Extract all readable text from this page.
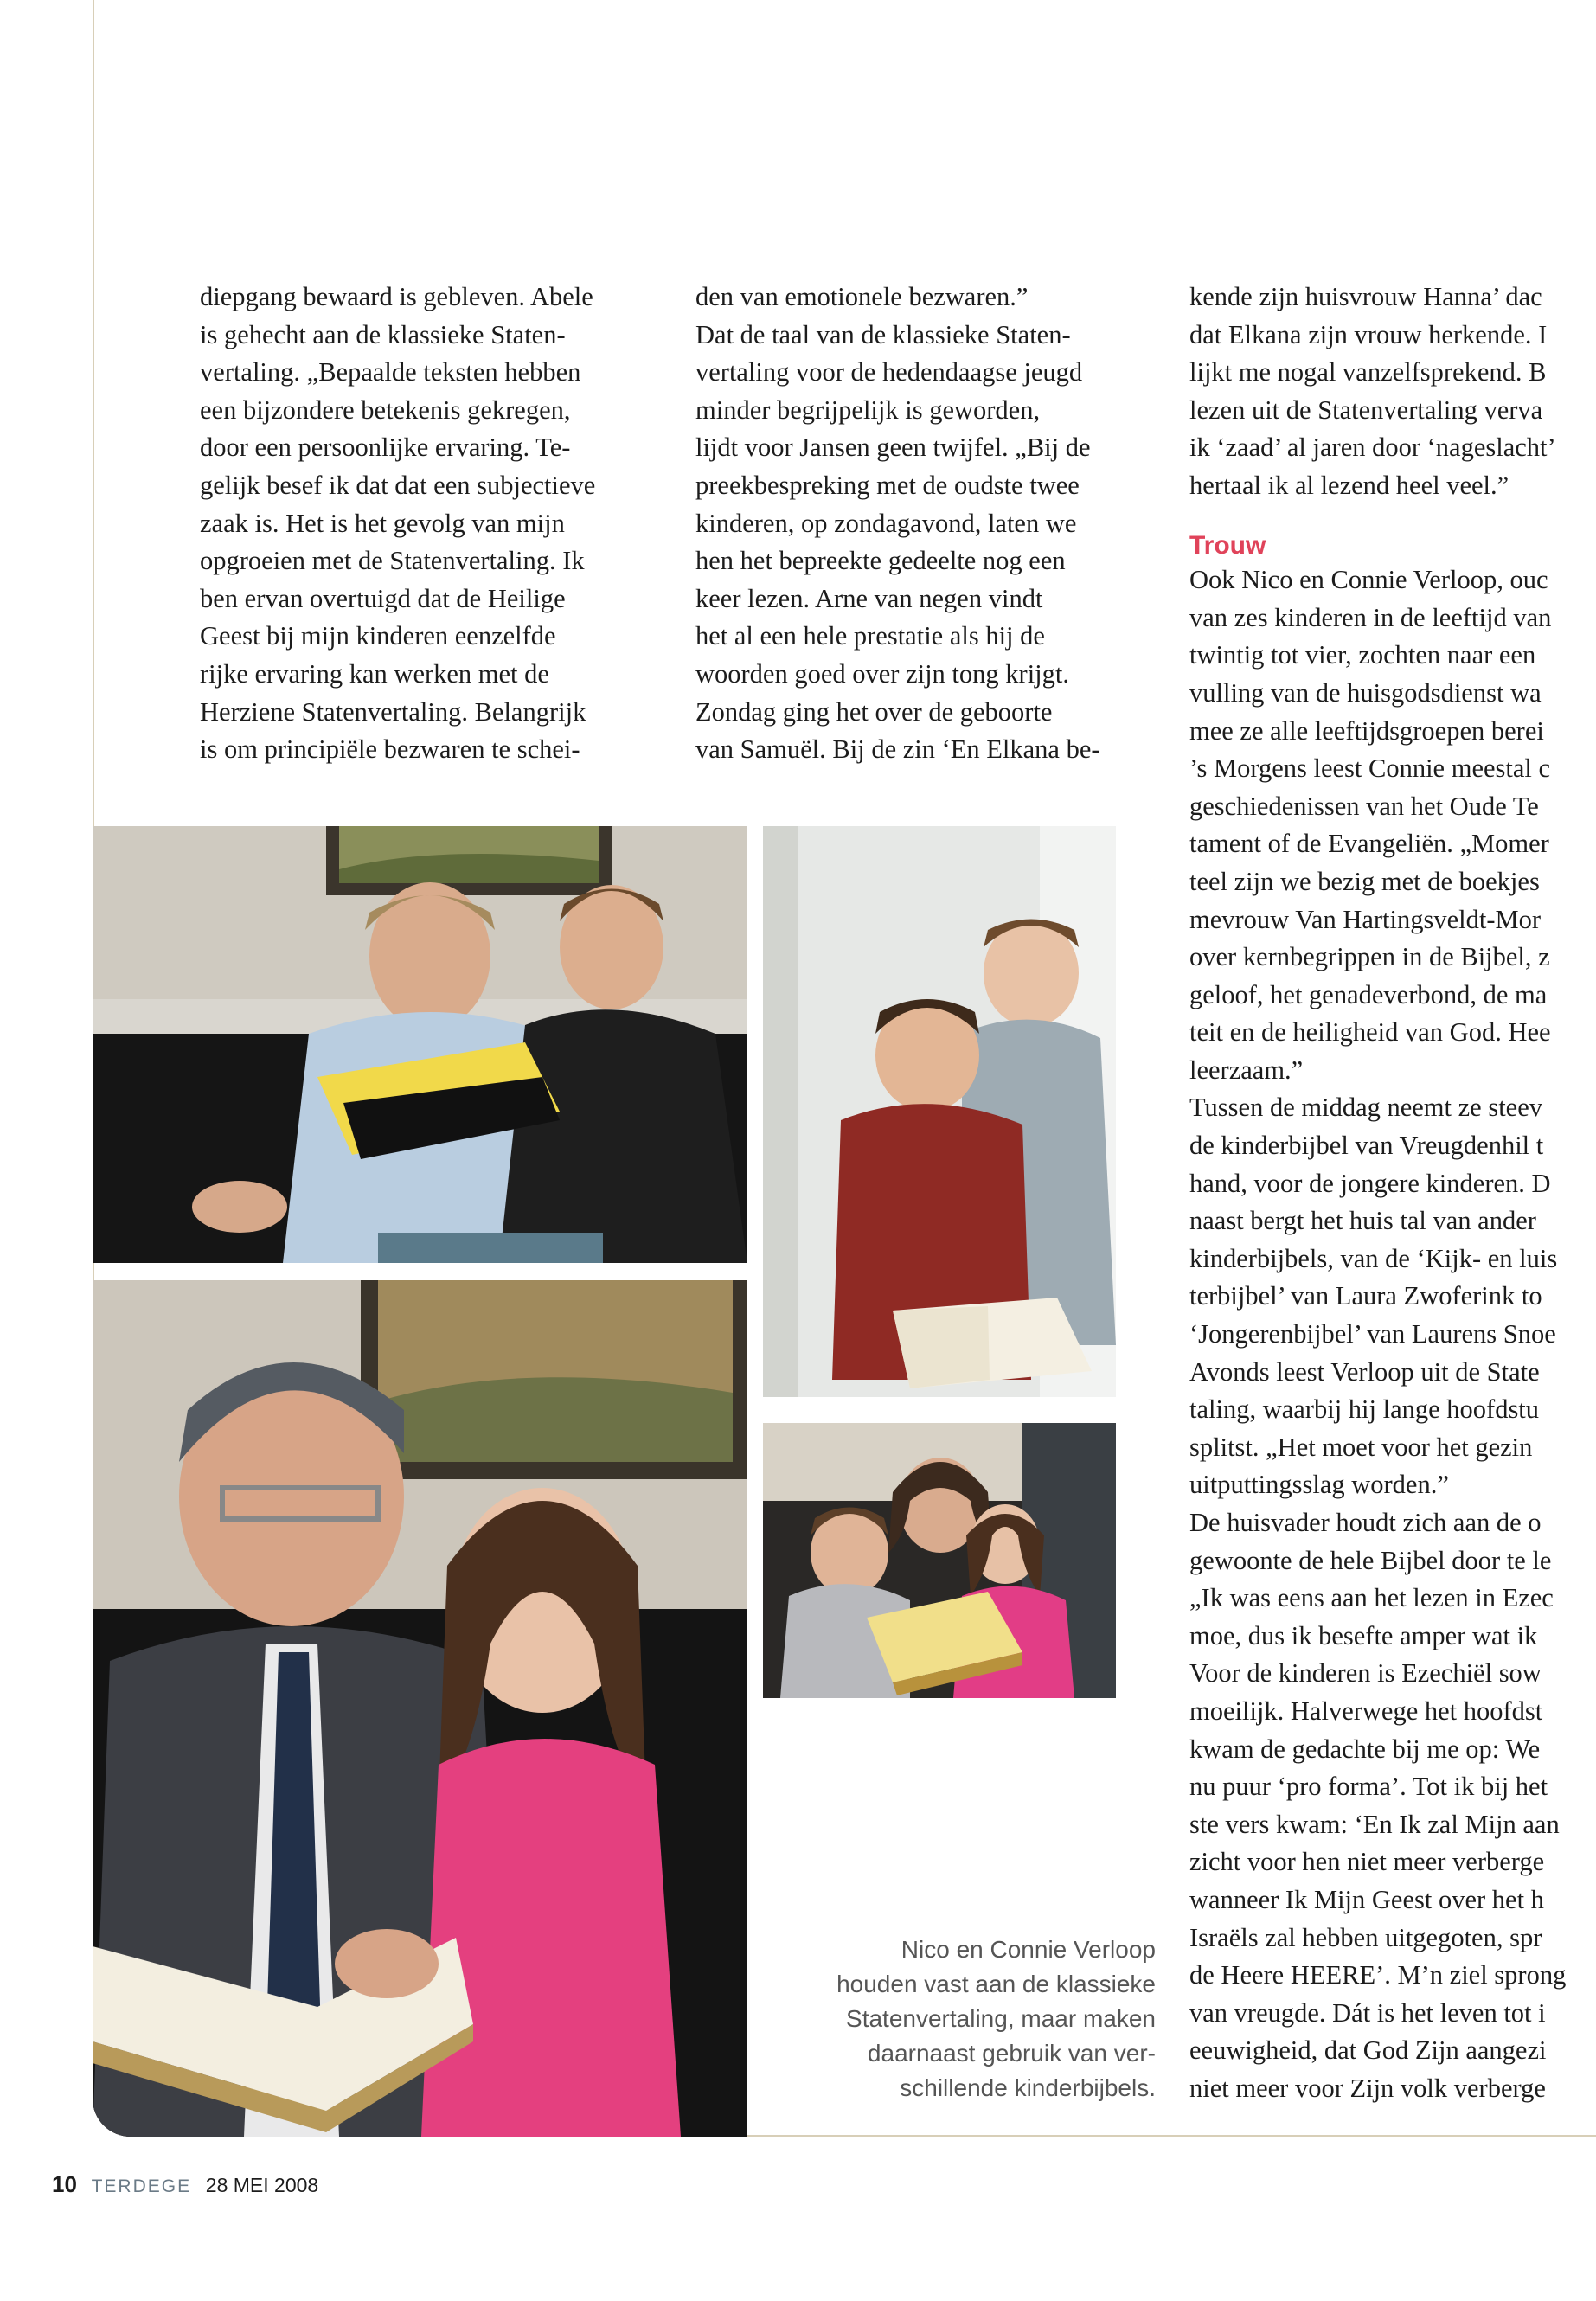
diepgang bewaard is gebleven. Abele
is gehecht aan de klassieke Staten-
vertaling. „Bepaalde teksten hebben
een bijzondere betekenis gekregen,
door een persoonlijke ervaring. Te-
gelijk besef ik dat dat een subjectieve
zaak is. Het is het gevolg van mijn
opgroeien met de Statenvertaling. Ik
ben ervan overtuigd dat de Heilige
Geest bij mijn kinderen eenzelfde
rijke ervaring kan werken met de
Herziene Statenvertaling. Belangrijk
is om principiële bezwaren te schei-
den van emotionele bezwaren.”
Dat de taal van de klassieke Staten-
vertaling voor de hedendaagse jeugd
minder begrijpelijk is geworden,
lijdt voor Jansen geen twijfel. „Bij de
preekbespreking met de oudste twee
kinderen, op zondagavond, laten we
hen het bepreekte gedeelte nog een
keer lezen. Arne van negen vindt
het al een hele prestatie als hij de
woorden goed over zijn tong krijgt.
Zondag ging het over de geboorte
van Samuël. Bij de zin ‘En Elkana be-
kende zijn huisvrouw Hanna’ dac
dat Elkana zijn vrouw herkende. I
lijkt me nogal vanzelfsprekend. B
lezen uit de Statenvertaling verva
ik ‘zaad’ al jaren door ‘nageslacht’
hertaal ik al lezend heel veel.”
Trouw
Ook Nico en Connie Verloop, ouc
van zes kinderen in de leeftijd van
twintig tot vier, zochten naar een
vulling van de huisgodsdienst wa
mee ze alle leeftijdsgroepen berei
’s Morgens leest Connie meestal c
geschiedenissen van het Oude Te
tament of de Evangeliën. „Momer
teel zijn we bezig met de boekjes
mevrouw Van Hartingsveldt-Mor
over kernbegrippen in de Bijbel, z
geloof, het genadeverbond, de ma
teit en de heiligheid van God. Hee
leerzaam.”
Tussen de middag neemt ze steev
de kinderbijbel van Vreugdenhil t
hand, voor de jongere kinderen. D
naast bergt het huis tal van ander
kinderbijbels, van de ‘Kijk- en luis
terbijbel’ van Laura Zwoferink to
‘Jongerenbijbel’ van Laurens Snoe
Avonds leest Verloop uit de State
taling, waarbij hij lange hoofdstu
splitst. „Het moet voor het gezin
uitputtingsslag worden.”
De huisvader houdt zich aan de o
gewoonte de hele Bijbel door te le
„Ik was eens aan het lezen in Ezec
moe, dus ik besefte amper wat ik
Voor de kinderen is Ezechiël sow
moeilijk. Halverwege het hoofdst
kwam de gedachte bij me op: We
nu puur ‘pro forma’. Tot ik bij het
ste vers kwam: ‘En Ik zal Mijn aan
zicht voor hen niet meer verberge
wanneer Ik Mijn Geest over het h
Israëls zal hebben uitgegoten, spr
de Heere HEERE’. M’n ziel sprong
van vreugde. Dát is het leven tot i
eeuwigheid, dat God Zijn aangezi
niet meer voor Zijn volk verberge
Nico en Connie Verloop
houden vast aan de klassieke
Statenvertaling, maar maken
daarnaast gebruik van ver-
schillende kinderbijbels.
10 TERDEGE 28 MEI 2008
